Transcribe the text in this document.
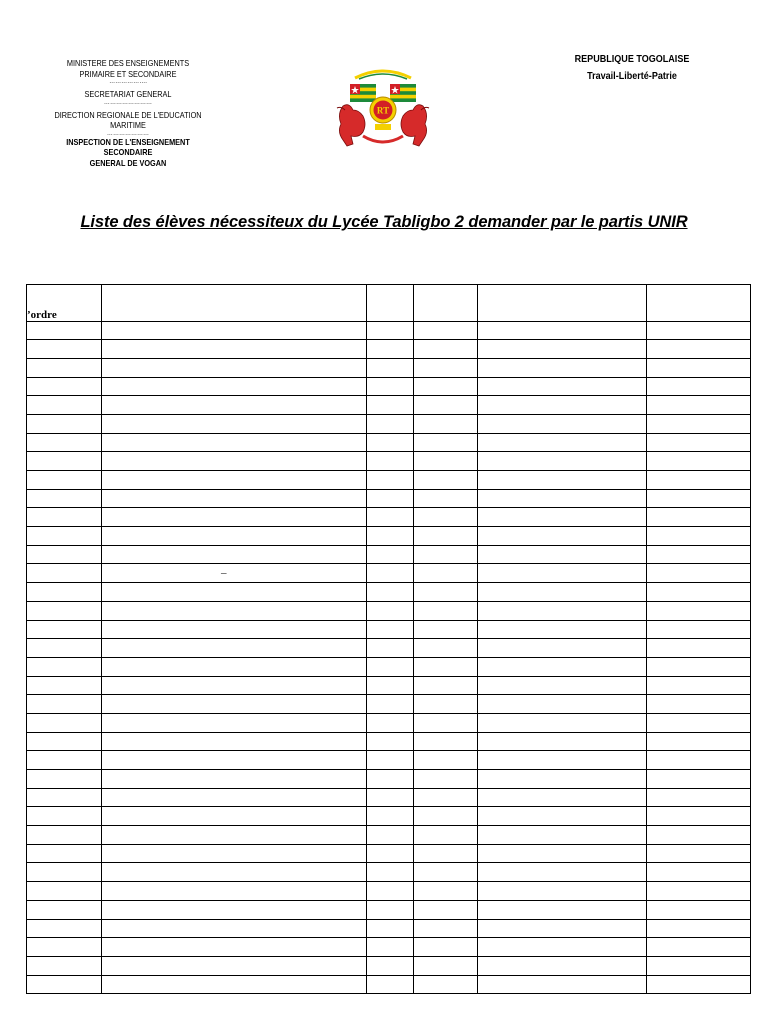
MINISTERE DES ENSEIGNEMENTS
PRIMAIRE ET SECONDAIRE
……………….
SECRETARIAT GENERAL
……………………
DIRECTION REGIONALE DE L'EDUCATION
MARITIME
…………………
INSPECTION DE L'ENSEIGNEMENT SECONDAIRE
GENERAL DE VOGAN
RT
REPUBLIQUE TOGOLAISE
Travail-Liberté-Patrie
Liste des élèves nécessiteux du Lycée Tabligbo 2 demander par le partis UNIR
’ordre					

	–				
